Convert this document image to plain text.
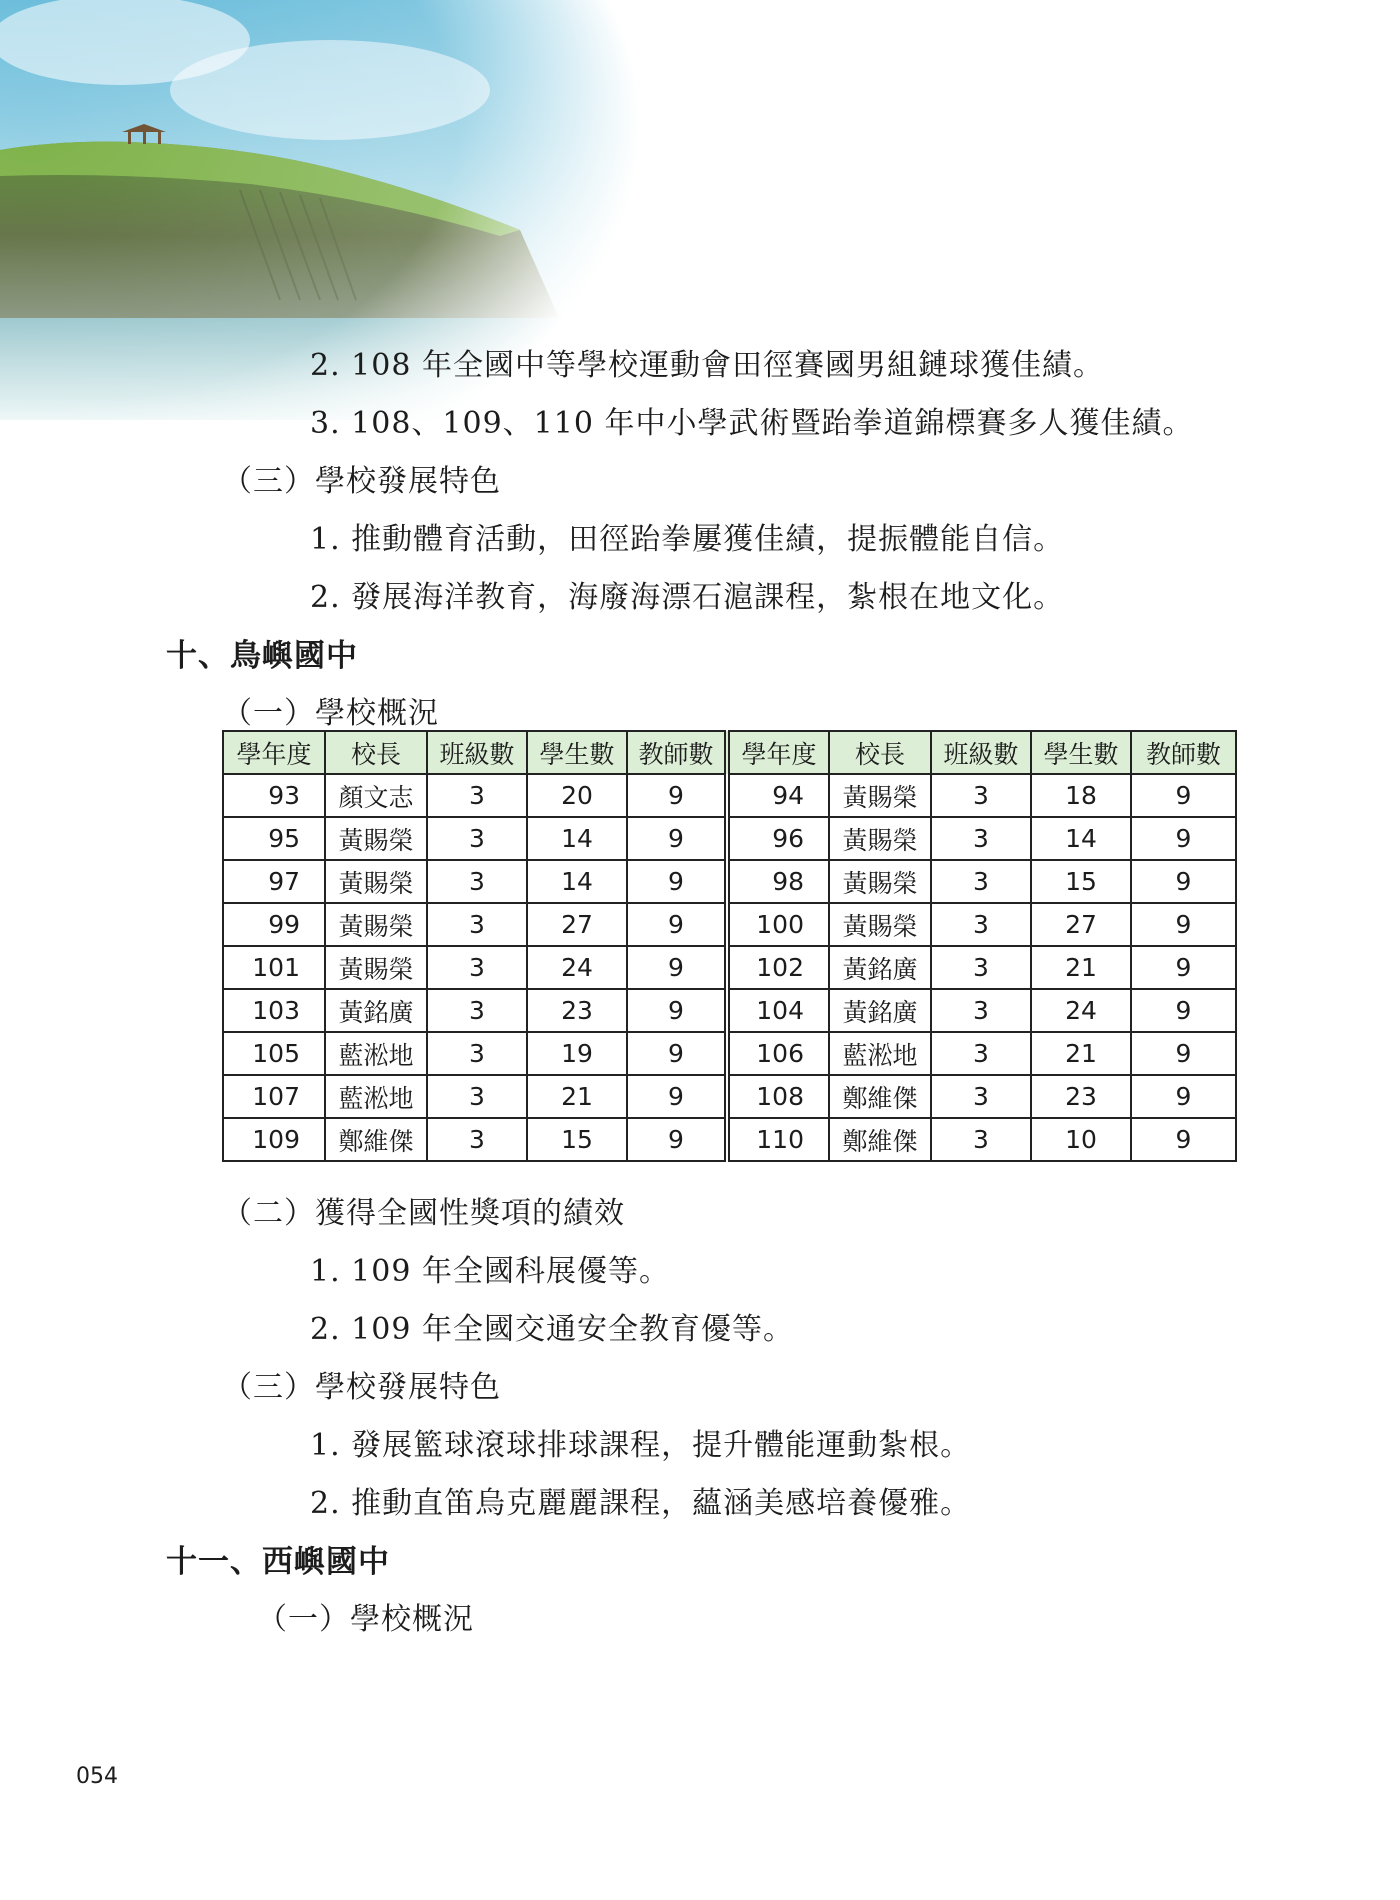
2. 108 年全國中等學校運動會田徑賽國男組鏈球獲佳績。
3. 108、109、110 年中小學武術暨跆拳道錦標賽多人獲佳績。
（三）學校發展特色
1. 推動體育活動，田徑跆拳屢獲佳績，提振體能自信。
2. 發展海洋教育，海廢海漂石滬課程，紮根在地文化。
十、鳥嶼國中
（一）學校概況
學年度	校長	班級數	學生數	教師數	學年度	校長	班級數	學生數	教師數
93	顏文志	3	20	9	94	黃賜榮	3	18	9
95	黃賜榮	3	14	9	96	黃賜榮	3	14	9
97	黃賜榮	3	14	9	98	黃賜榮	3	15	9
99	黃賜榮	3	27	9	100	黃賜榮	3	27	9
101	黃賜榮	3	24	9	102	黃銘廣	3	21	9
103	黃銘廣	3	23	9	104	黃銘廣	3	24	9
105	藍淞地	3	19	9	106	藍淞地	3	21	9
107	藍淞地	3	21	9	108	鄭維傑	3	23	9
109	鄭維傑	3	15	9	110	鄭維傑	3	10	9
（二）獲得全國性獎項的績效
1. 109 年全國科展優等。
2. 109 年全國交通安全教育優等。
（三）學校發展特色
1. 發展籃球滾球排球課程，提升體能運動紮根。
2. 推動直笛烏克麗麗課程，蘊涵美感培養優雅。
十一、西嶼國中
（一）學校概況
054
